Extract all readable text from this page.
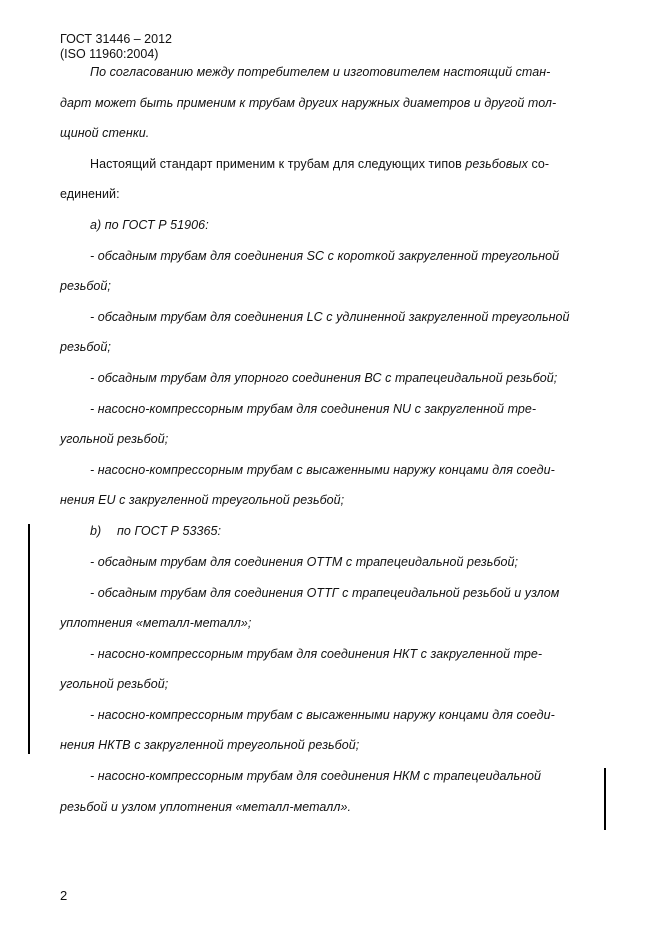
ГОСТ 31446 – 2012
(ISO 11960:2004)
По согласованию между потребителем и изготовителем настоящий стан-
дарт может быть применим к трубам других наружных диаметров и другой тол-
щиной стенки.
Настоящий стандарт применим к трубам для следующих типов резьбовых со-
единений:
а) по ГОСТ Р 51906:
- обсадным трубам для соединения SC с короткой закругленной треугольной
резьбой;
- обсадным трубам для соединения LC с удлиненной закругленной треугольной
резьбой;
- обсадным трубам для упорного соединения ВС с трапецеидальной резьбой;
- насосно-компрессорным трубам для соединения NU с закругленной тре-
угольной резьбой;
- насосно-компрессорным трубам с высаженными наружу концами для соеди-
нения EU с закругленной треугольной резьбой;
b) по ГОСТ Р 53365:
- обсадным трубам для соединения ОТТМ с трапецеидальной резьбой;
- обсадным трубам для соединения ОТТГ с трапецеидальной резьбой и узлом
уплотнения «металл-металл»;
- насосно-компрессорным трубам для соединения НКТ с закругленной тре-
угольной резьбой;
- насосно-компрессорным трубам с высаженными наружу концами для соеди-
нения НКТВ с закругленной треугольной резьбой;
- насосно-компрессорным трубам для соединения НКМ с трапецеидальной
резьбой и узлом уплотнения «металл-металл».
2
